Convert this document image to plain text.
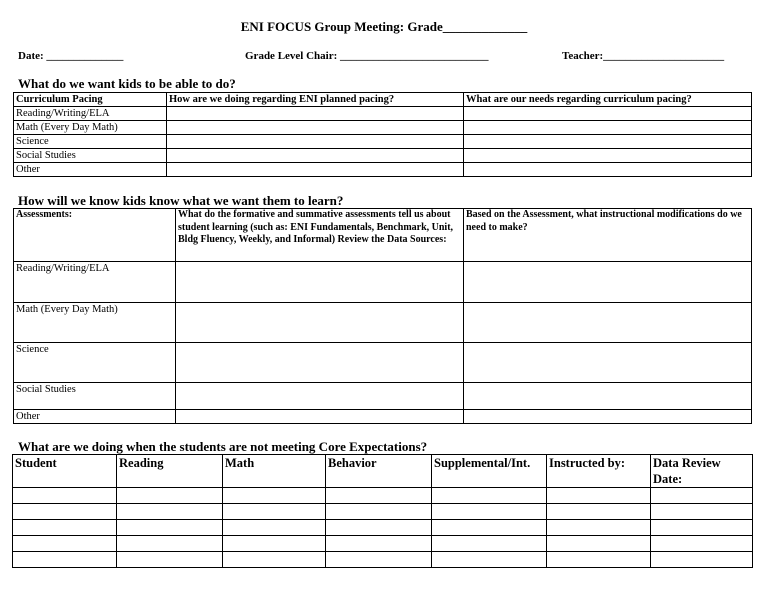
ENI FOCUS Group Meeting: Grade_____________
Date: ______________	Grade Level Chair: ___________________________	Teacher:______________________
What do we want kids to be able to do?
Curriculum Pacing	How are we doing regarding ENI planned pacing?	What are our needs regarding curriculum pacing?
Reading/Writing/ELA		
Math (Every Day Math)		
Science		
Social Studies		
Other		
How will we know kids know what we want them to learn?
Assessments:	What do the formative and summative assessments tell us about student learning (such as: ENI Fundamentals, Benchmark, Unit, Bldg Fluency, Weekly, and Informal) Review the Data Sources:	Based on the Assessment, what instructional modifications do we need to make?
Reading/Writing/ELA		
Math (Every Day Math)		
Science		
Social Studies		
Other		
What are we doing when the students are not meeting Core Expectations?
Student	Reading	Math	Behavior	Supplemental/Int.	Instructed by:	Data Review Date:
